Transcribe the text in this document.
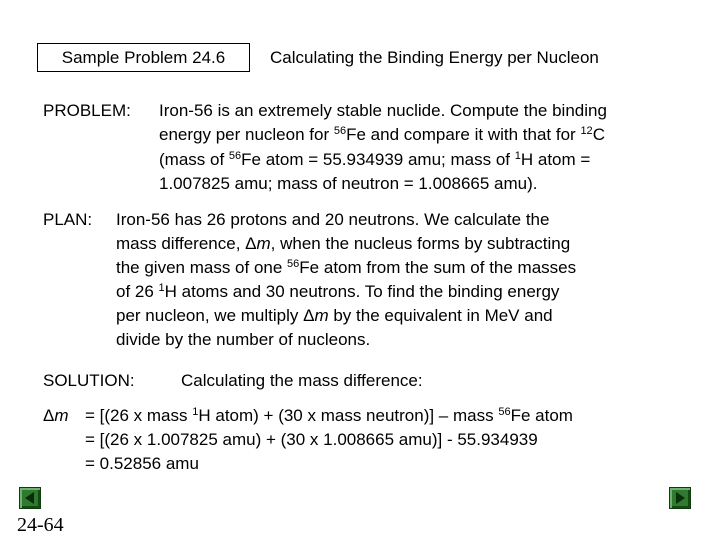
Sample Problem 24.6	Calculating the Binding Energy per Nucleon
PROBLEM: Iron-56 is an extremely stable nuclide. Compute the binding
energy per nucleon for $^{56}$Fe and compare it with that for $^{12}$C
(mass of $^{56}$Fe atom = 55.934939 amu; mass of $^1$H atom =
1.007825 amu; mass of neutron = 1.008665 amu).
PLAN: Iron-56 has 26 protons and 20 neutrons. We calculate the
mass difference, Δm, when the nucleus forms by subtracting
the given mass of one $^{56}$Fe atom from the sum of the masses
of 26 $^1$H atoms and 30 neutrons. To find the binding energy
per nucleon, we multiply Δm by the equivalent in MeV and
divide by the number of nucleons.
SOLUTION:	Calculating the mass difference:
Δm = [(26 x mass $^1$H atom) + (30 x mass neutron)] – mass $^{56}$Fe atom
= [(26 x 1.007825 amu) + (30 x 1.008665 amu)] - 55.934939
= 0.52856 amu
24-64
